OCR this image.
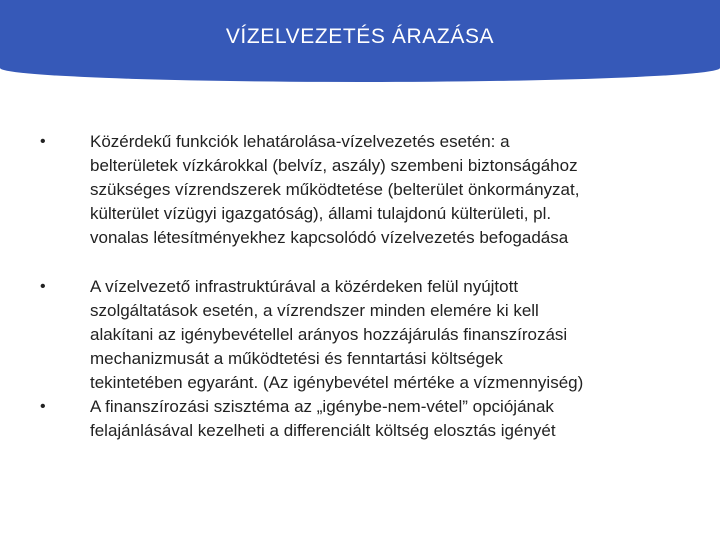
VÍZELVEZETÉS ÁRAZÁSA
•	Közérdekű funkciók lehatárolása-vízelvezetés esetén: a
belterületek vízkárokkal (belvíz, aszály) szembeni biztonságához
szükséges vízrendszerek működtetése (belterület önkormányzat,
külterület vízügyi igazgatóság), állami tulajdonú külterületi, pl.
vonalas létesítményekhez kapcsolódó vízelvezetés befogadása
•	A vízelvezető infrastruktúrával a közérdeken felül nyújtott
szolgáltatások esetén, a vízrendszer minden elemére ki kell
alakítani az igénybevétellel arányos hozzájárulás finanszírozási
mechanizmusát a működtetési és fenntartási költségek
tekintetében egyaránt. (Az igénybevétel mértéke a vízmennyiség)
•	A finanszírozási szisztéma az „igénybe-nem-vétel” opciójának
felajánlásával kezelheti a differenciált költség elosztás igényét
